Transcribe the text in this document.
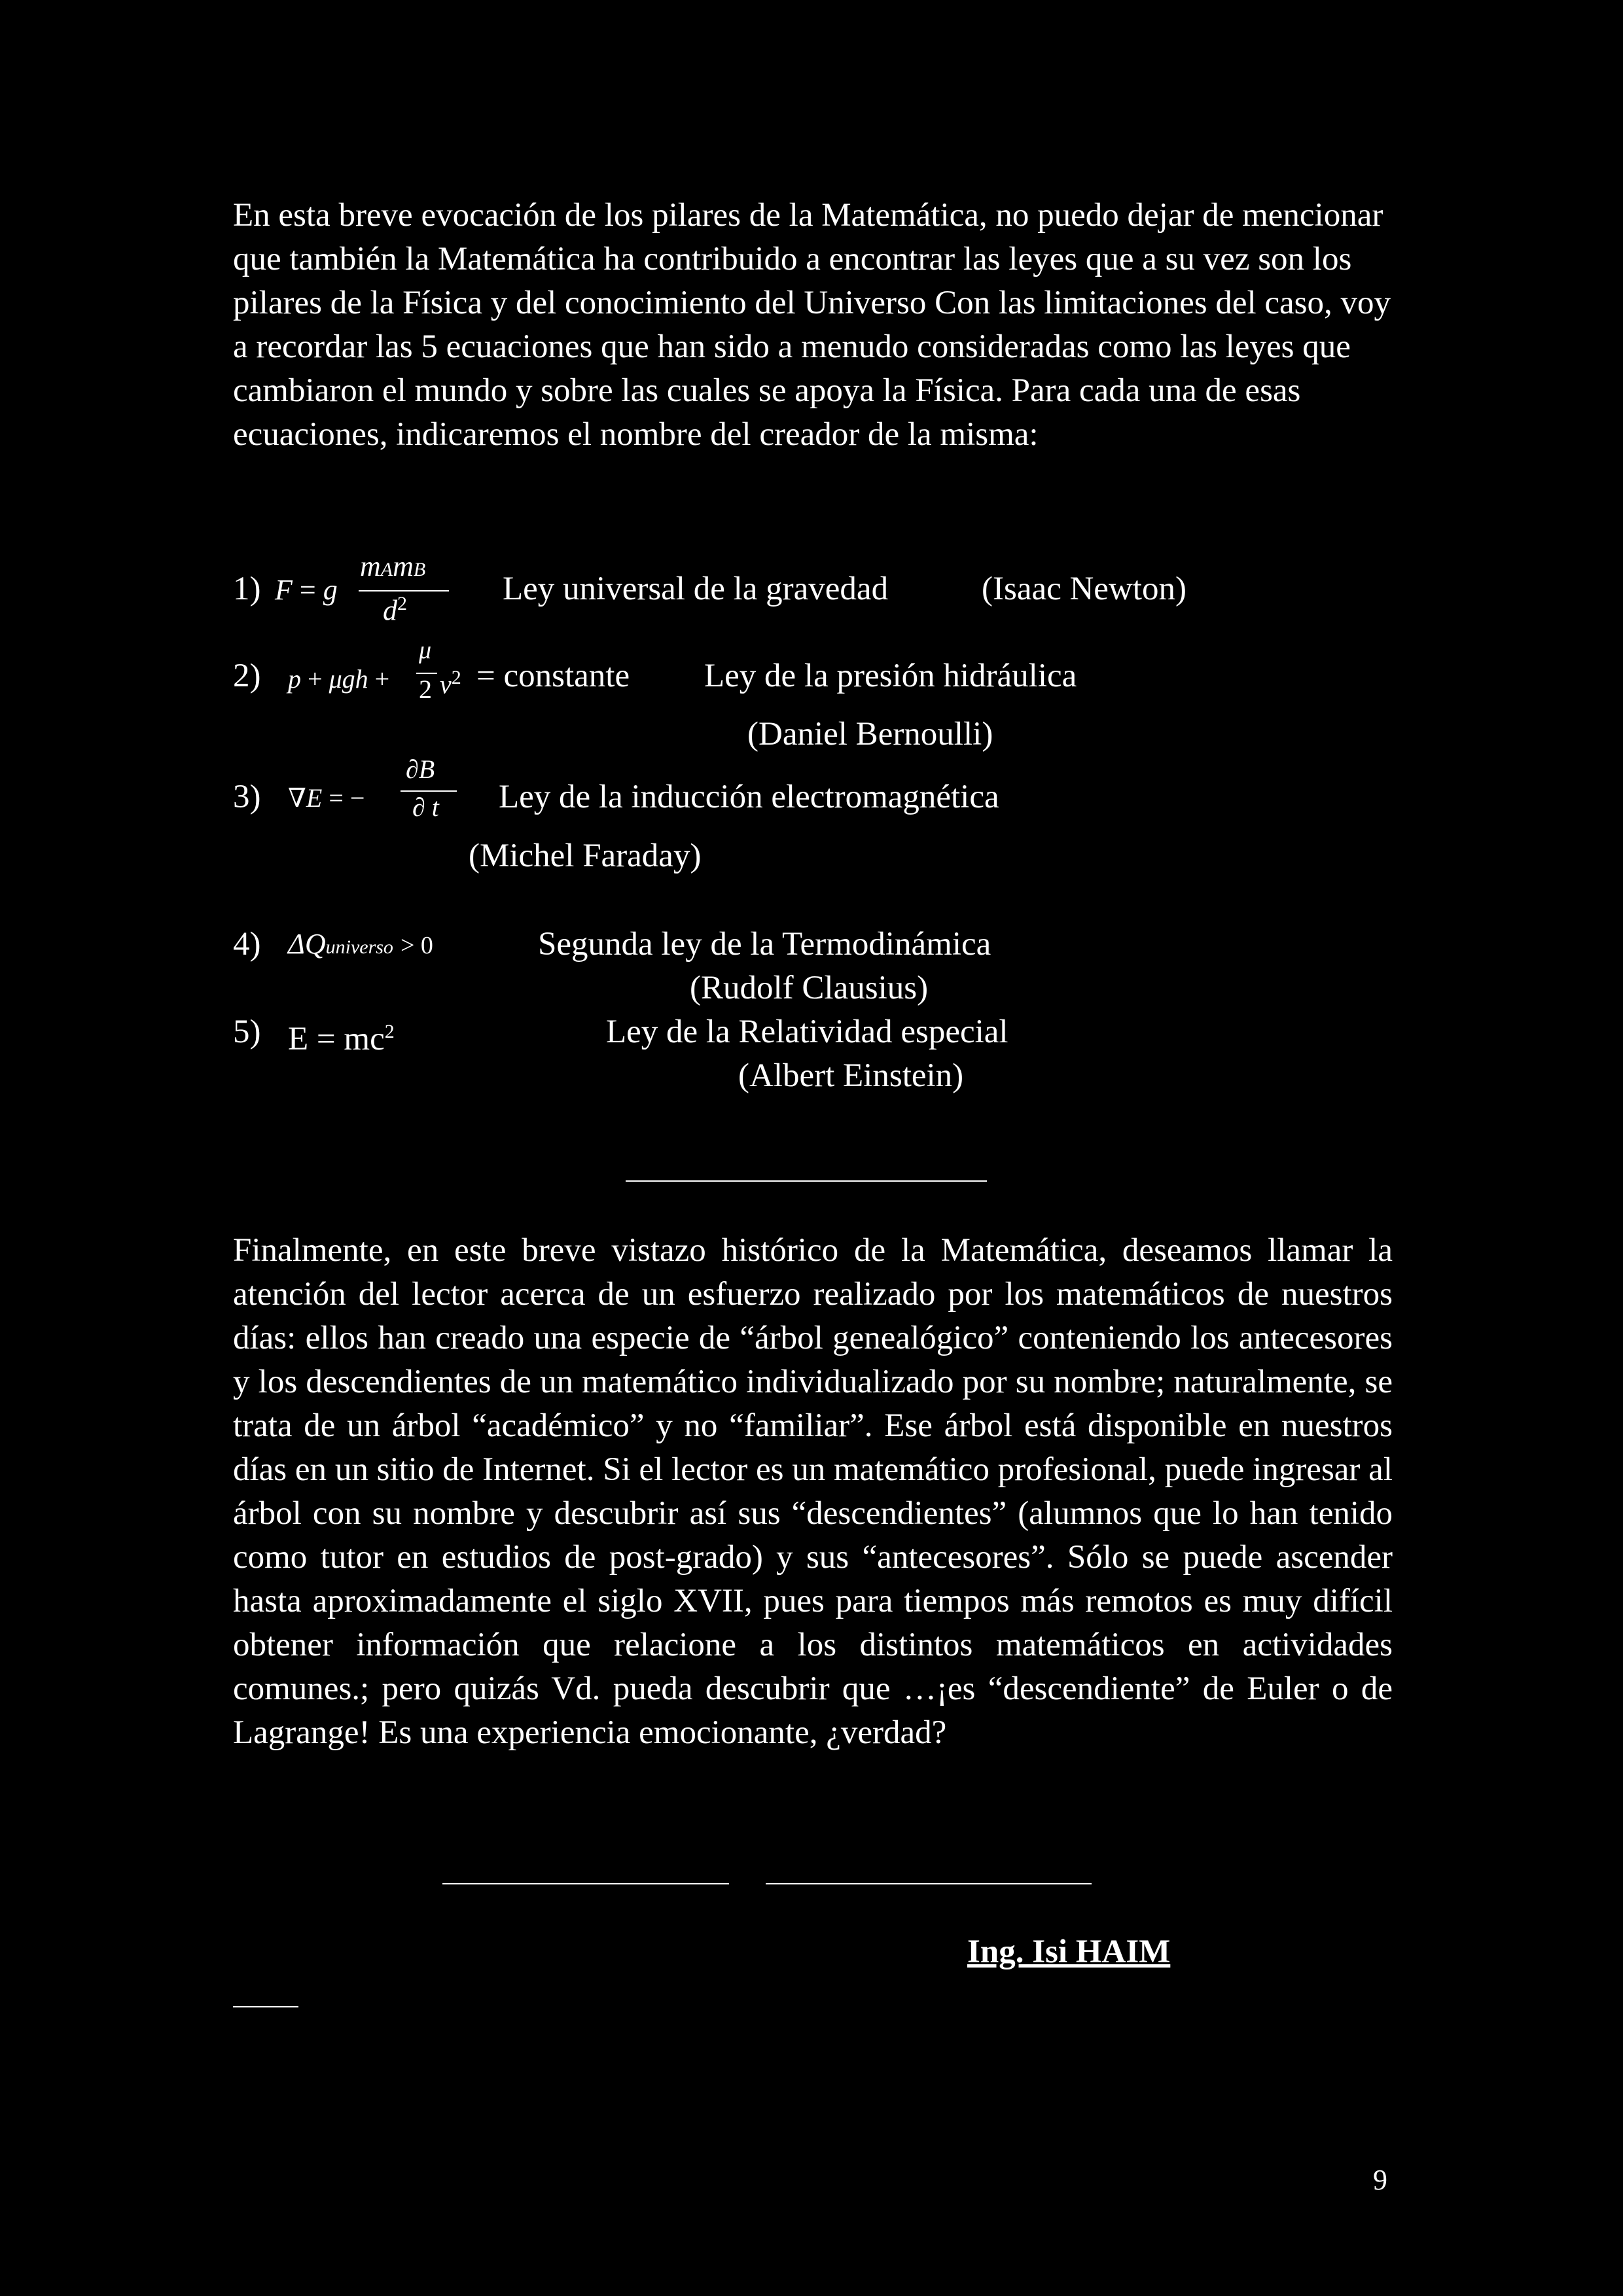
En esta breve evocación de los pilares de la Matemática, no puedo dejar de mencionar que también la Matemática ha contribuido a encontrar las leyes que a su vez son los pilares de la Física y del conocimiento del Universo Con las limitaciones del caso, voy a recordar las 5 ecuaciones que han sido a menudo consideradas como las leyes que cambiaron el mundo y sobre las cuales se apoya la Física. Para cada una de esas ecuaciones, indicaremos el nombre del creador de la misma:

1) F = g
mAmB
$d^2$	Ley universal de la gravedad	(Isaac Newton)
2) p + μgh +
μ
2 $v^2$ = constante Ley de la presión hidráulica
(Daniel Bernoulli)
3) ∇E = −
∂B
∂ t Ley de la inducción electromagnética
(Michel Faraday)
4) ΔQuniverso > 0	Segunda ley de la Termodinámica
(Rudolf Clausius)
5) $E = mc^2$	Ley de la Relatividad especial
(Albert Einstein)

Finalmente, en este breve vistazo histórico de la Matemática, deseamos llamar la atención del lector acerca de un esfuerzo realizado por los matemáticos de nuestros días: ellos han creado una especie de “árbol genealógico” conteniendo los antecesores y los descendientes de un matemático individualizado por su nombre; naturalmente, se trata de un árbol “académico” y no “familiar”. Ese árbol está disponible en nuestros días en un sitio de Internet. Si el lector es un matemático profesional, puede ingresar al árbol con su nombre y descubrir así sus “descendientes” (alumnos que lo han tenido como tutor en estudios de post-grado) y sus “antecesores”. Sólo se puede ascender hasta aproximadamente el siglo XVII, pues para tiempos más remotos es muy difícil obtener información que relacione a los distintos matemáticos en actividades comunes.; pero quizás Vd. pueda descubrir que …¡es “descendiente” de Euler o de Lagrange! Es una experiencia emocionante, ¿verdad?

Ing. Isi HAIM
9
